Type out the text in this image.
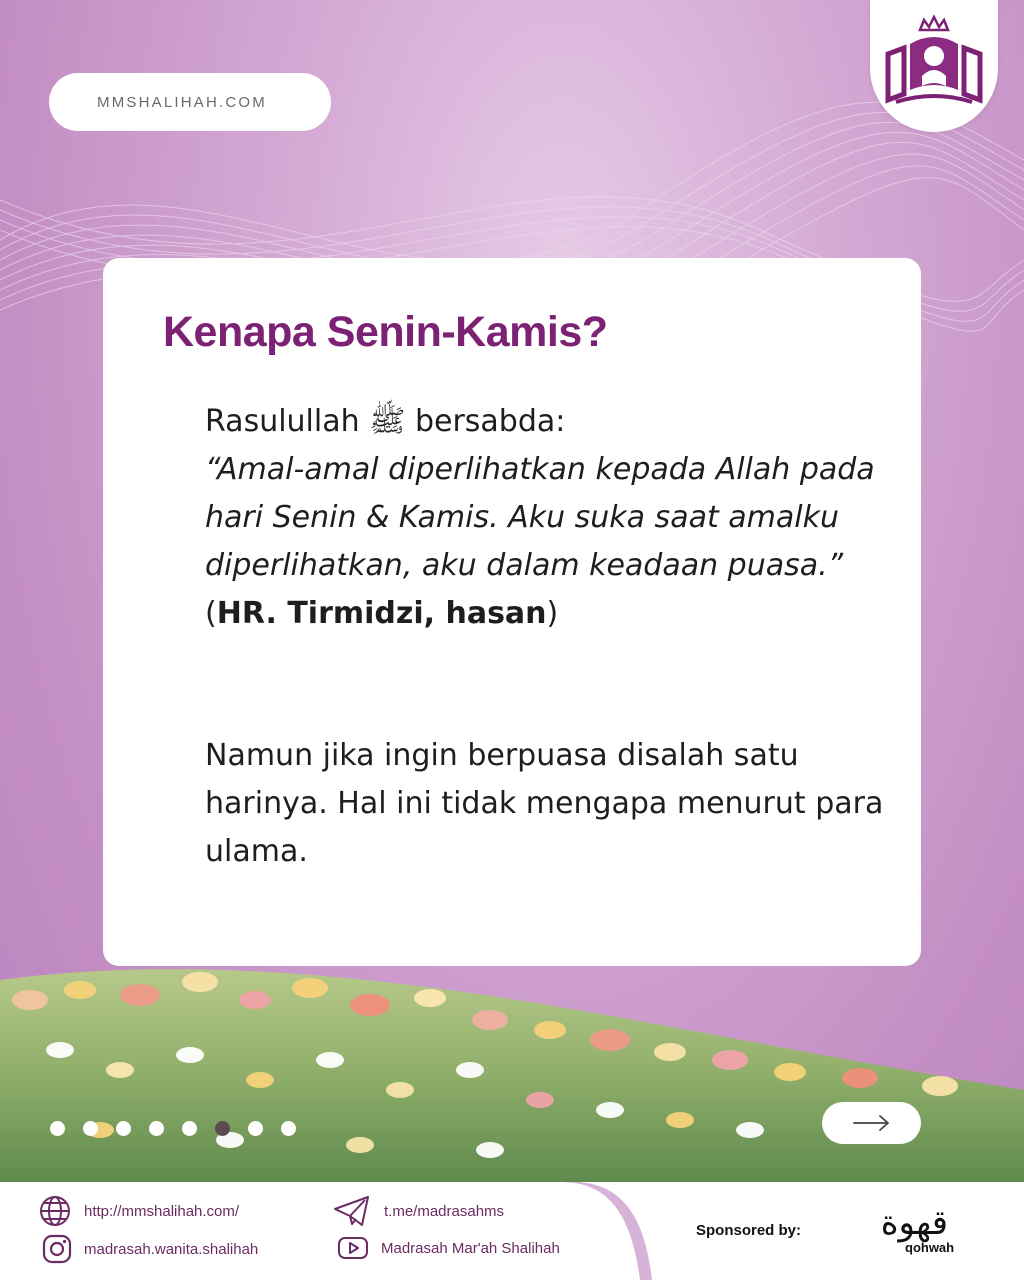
MMSHALIHAH.COM
Kenapa Senin-Kamis?
Rasulullah ﷺ bersabda:
“Amal-amal diperlihatkan kepada Allah pada hari Senin & Kamis. Aku suka saat amalku diperlihatkan, aku dalam keadaan puasa.”
(HR. Tirmidzi, hasan)
Namun jika ingin berpuasa disalah satu harinya. Hal ini tidak mengapa menurut para ulama.
http://mmshalihah.com/
madrasah.wanita.shalihah
t.me/madrasahms
Madrasah Mar'ah Shalihah
Sponsored by: قهوة
qohwah
